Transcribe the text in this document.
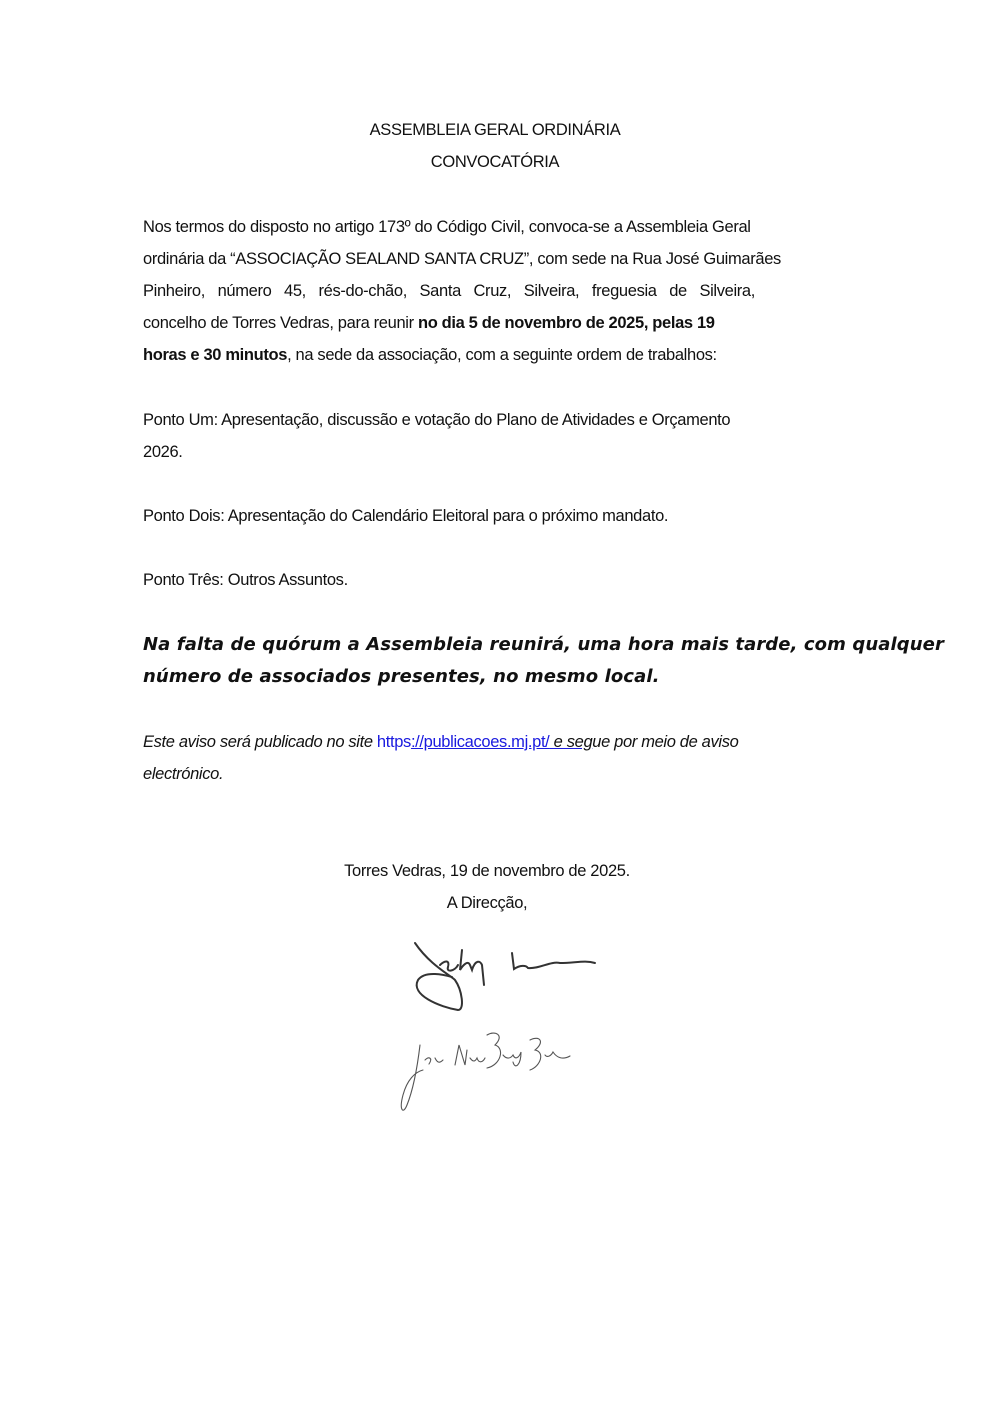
ASSEMBLEIA GERAL ORDINÁRIA
CONVOCATÓRIA
Nos termos do disposto no artigo 173º do Código Civil, convoca-se a Assembleia Geral
ordinária da “ASSOCIAÇÃO SEALAND SANTA CRUZ”, com sede na Rua José Guimarães
Pinheiro, número 45, rés-do-chão, Santa Cruz, Silveira, freguesia de Silveira,
concelho de Torres Vedras, para reunir no dia 5 de novembro de 2025, pelas 19
horas e 30 minutos, na sede da associação, com a seguinte ordem de trabalhos:
Ponto Um: Apresentação, discussão e votação do Plano de Atividades e Orçamento
2026.
Ponto Dois: Apresentação do Calendário Eleitoral para o próximo mandato.
Ponto Três: Outros Assuntos.
Na falta de quórum a Assembleia reunirá, uma hora mais tarde, com qualquer
número de associados presentes, no mesmo local.
Este aviso será publicado no site https://publicacoes.mj.pt/ e segue por meio de aviso
electrónico.
Torres Vedras, 19 de novembro de 2025.
A Direcção,
